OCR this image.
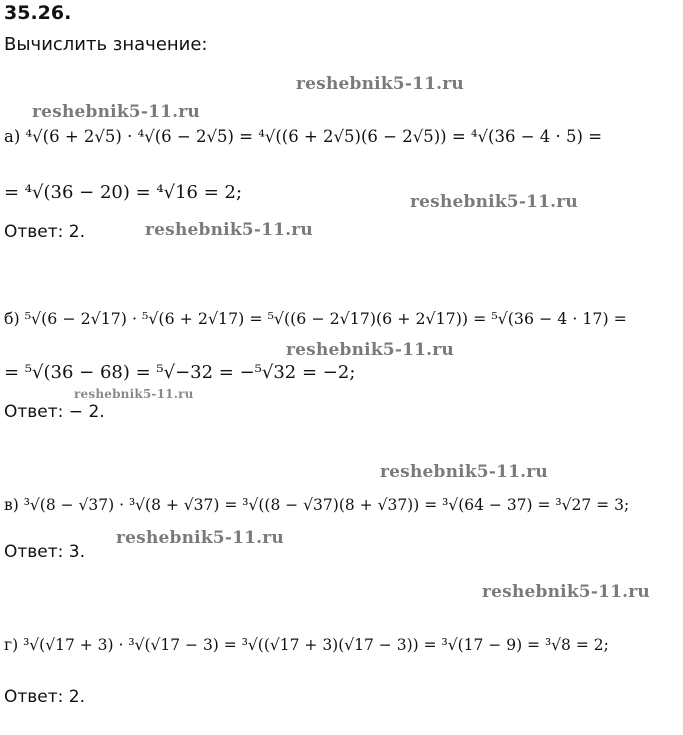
35.26.
Вычислить значение:
а) ⁴√(6 + 2√5) · ⁴√(6 − 2√5) = ⁴√((6 + 2√5)(6 − 2√5)) = ⁴√(36 − 4 · 5) =
= ⁴√(36 − 20) = ⁴√16 = 2;
Ответ: 2.
б) ⁵√(6 − 2√17) · ⁵√(6 + 2√17) = ⁵√((6 − 2√17)(6 + 2√17)) = ⁵√(36 − 4 · 17) =
= ⁵√(36 − 68) = ⁵√−32 = −⁵√32 = −2;
Ответ: − 2.
в) ³√(8 − √37) · ³√(8 + √37) = ³√((8 − √37)(8 + √37)) = ³√(64 − 37) = ³√27 = 3;
Ответ: 3.
г) ³√(√17 + 3) · ³√(√17 − 3) = ³√((√17 + 3)(√17 − 3)) = ³√(17 − 9) = ³√8 = 2;
Ответ: 2.
reshebnik5-11.ru
reshebnik5-11.ru
reshebnik5-11.ru
reshebnik5-11.ru
reshebnik5-11.ru
reshebnik5-11.ru
reshebnik5-11.ru
reshebnik5-11.ru
reshebnik5-11.ru
